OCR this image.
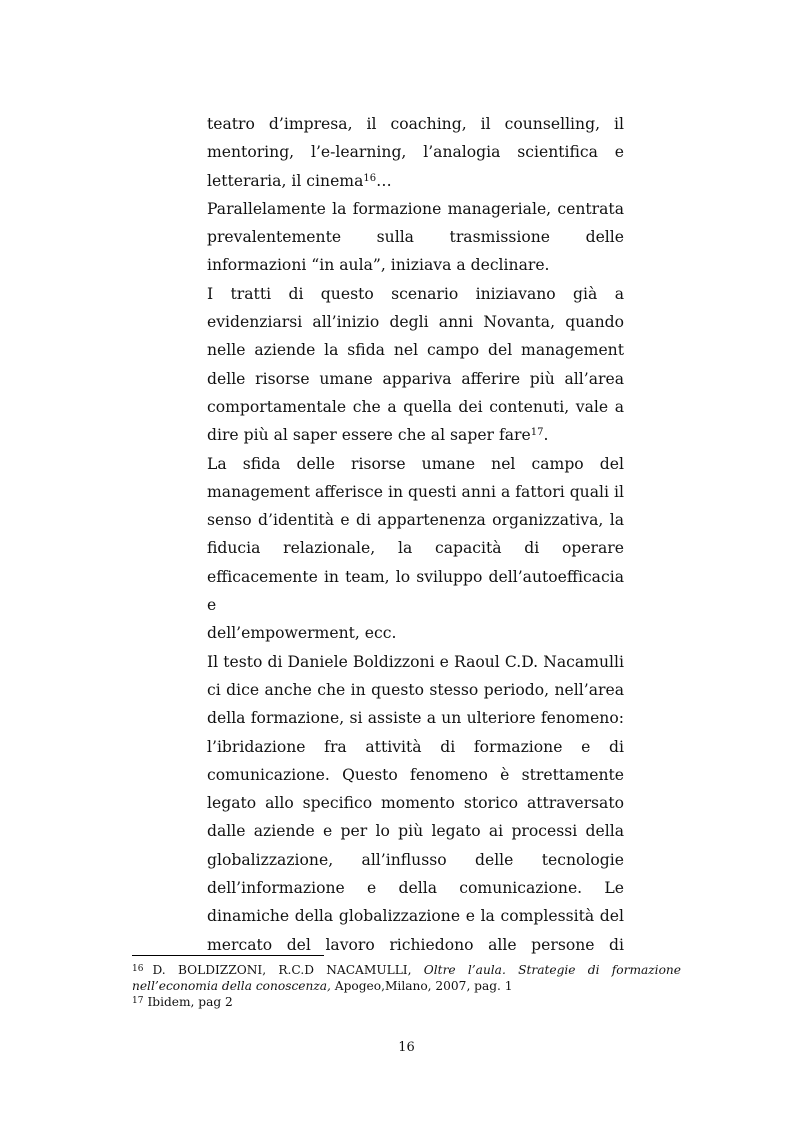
teatro d’impresa, il coaching, il counselling, il

mentoring, l’e-learning, l’analogia scientifica e

letteraria, il cinema$^{16}$…

Parallelamente la formazione manageriale, centrata

prevalentemente sulla trasmissione delle

informazioni “in aula”, iniziava a declinare.

I tratti di questo scenario iniziavano già a

evidenziarsi all’inizio degli anni Novanta, quando

nelle aziende la sfida nel campo del management

delle risorse umane appariva afferire più all’area

comportamentale che a quella dei contenuti, vale a

dire più al saper essere che al saper fare$^{17}$.

La sfida delle risorse umane nel campo del

management afferisce in questi anni a fattori quali il

senso d’identità e di appartenenza organizzativa, la

fiducia relazionale, la capacità di operare

efficacemente in team, lo sviluppo dell’autoefficacia e

dell’empowerment, ecc.

Il testo di Daniele Boldizzoni e Raoul C.D. Nacamulli

ci dice anche che in questo stesso periodo, nell’area

della formazione, si assiste a un ulteriore fenomeno:

l’ibridazione fra attività di formazione e di

comunicazione. Questo fenomeno è strettamente

legato allo specifico momento storico attraversato

dalle aziende e per lo più legato ai processi della

globalizzazione, all’influsso delle tecnologie

dell’informazione e della comunicazione. Le

dinamiche della globalizzazione e la complessità del

mercato del lavoro richiedono alle persone di

$^{16}$ D. BOLDIZZONI, R.C.D NACAMULLI, Oltre l’aula. Strategie di formazione nell’economia della conoscenza, Apogeo,Milano, 2007, pag. 1

$^{17}$ Ibidem, pag 2

16
